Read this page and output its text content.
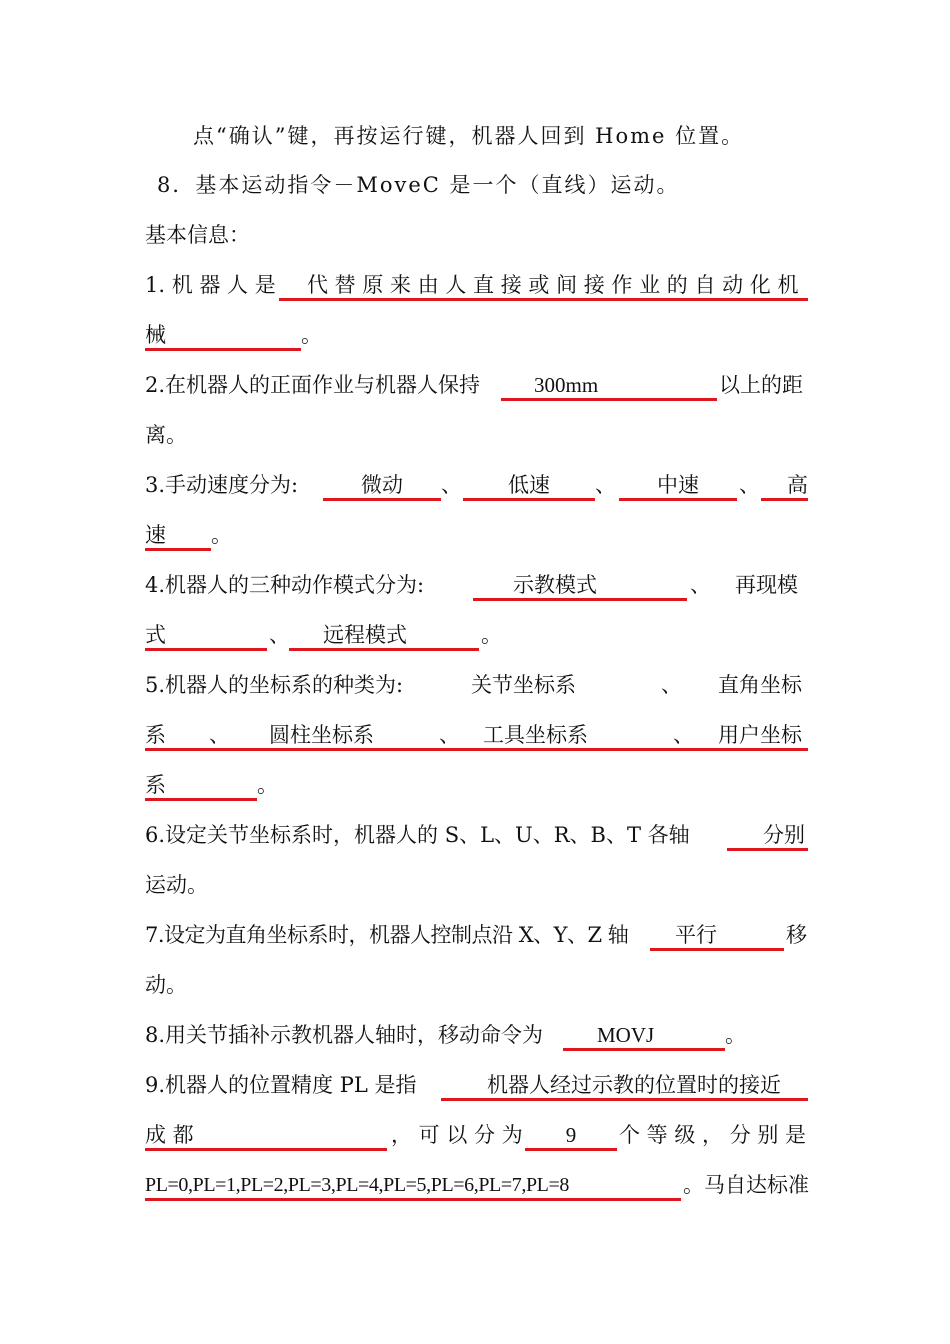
点“确认”键，再按运行键，机器人回到 Home 位置。
8．基本运动指令－MoveC 是一个（直线）运动。
基本信息：
1. 机 器 人 是 代 替 原 来 由 人 直 接 或 间 接 作 业 的 自 动 化 机
械	。
2.在机器人的正面作业与机器人保持	300mm	以上的距
离。
3.手动速度分为:	微动	、	低速	、	中速	、	高
速 。
4.机器人的三种动作模式分为:	示教模式	、 再现模
式	、 远程模式	。
5.机器人的坐标系的种类为:	关节坐标系	、 直角坐标
系 、 圆柱坐标系	、 工具坐标系	、 用户坐标
系	。
6.设定关节坐标系时，机器人的 S、L、U、R、B、T 各轴	分别
运动。
7.设定为直角坐标系时，机器人控制点沿 X、Y、Z 轴 平行	移
动。
8.用关节插补示教机器人轴时，移动命令为	MOVJ	。
9.机器人的位置精度 PL 是指	机器人经过示教的位置时的接近
成 都	， 可 以 分 为	9	个 等 级 ， 分 别 是
PL=0,PL=1,PL=2,PL=3,PL=4,PL=5,PL=6,PL=7,PL=8	。马自达标准
